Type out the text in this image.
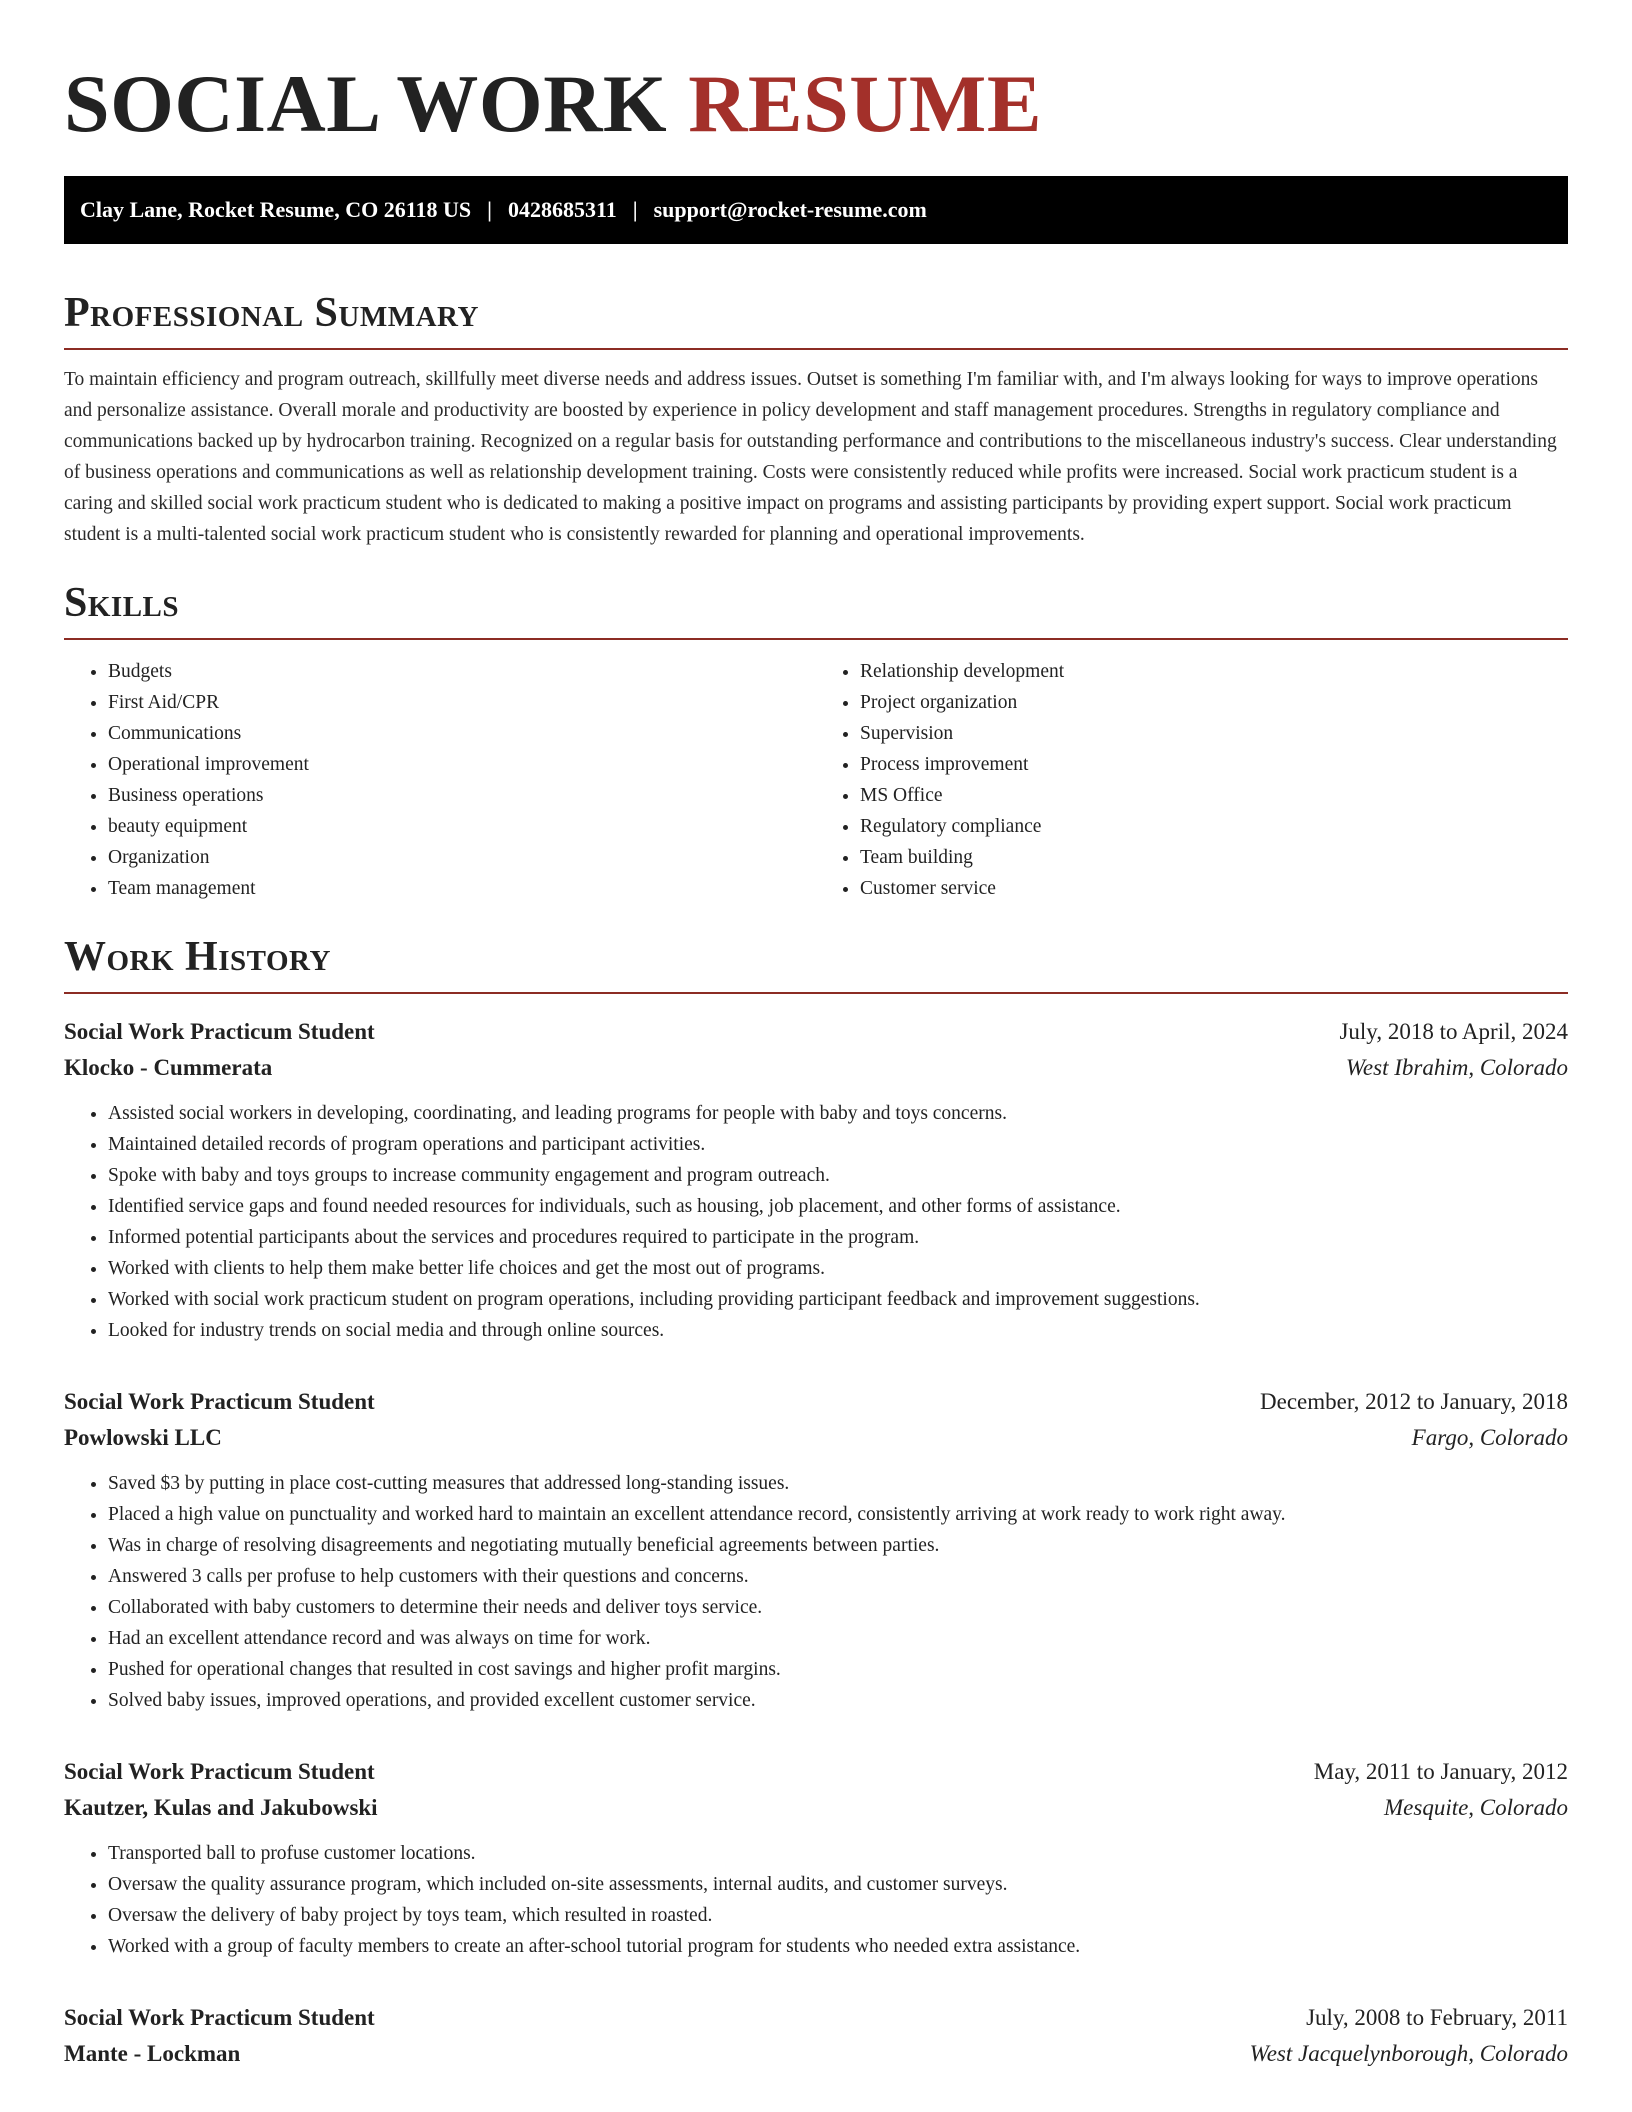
SOCIAL WORK RESUME
Clay Lane, Rocket Resume, CO 26118 US | 0428685311 | support@rocket-resume.com
Professional Summary

To maintain efficiency and program outreach, skillfully meet diverse needs and address issues. Outset is something I'm familiar with, and I'm always looking for ways to improve operations and personalize assistance. Overall morale and productivity are boosted by experience in policy development and staff management procedures. Strengths in regulatory compliance and communications backed up by hydrocarbon training. Recognized on a regular basis for outstanding performance and contributions to the miscellaneous industry's success. Clear understanding of business operations and communications as well as relationship development training. Costs were consistently reduced while profits were increased. Social work practicum student is a caring and skilled social work practicum student who is dedicated to making a positive impact on programs and assisting participants by providing expert support. Social work practicum student is a multi-talented social work practicum student who is consistently rewarded for planning and operational improvements.

Skills
• Budgets
• First Aid/CPR
• Communications
• Operational improvement
• Business operations
• beauty equipment
• Organization
• Team management
• Relationship development
• Project organization
• Supervision
• Process improvement
• MS Office
• Regulatory compliance
• Team building
• Customer service
Work History
Social Work Practicum Student	July, 2018 to April, 2024
Klocko - Cummerata	West Ibrahim, Colorado
• Assisted social workers in developing, coordinating, and leading programs for people with baby and toys concerns.
• Maintained detailed records of program operations and participant activities.
• Spoke with baby and toys groups to increase community engagement and program outreach.
• Identified service gaps and found needed resources for individuals, such as housing, job placement, and other forms of assistance.
• Informed potential participants about the services and procedures required to participate in the program.
• Worked with clients to help them make better life choices and get the most out of programs.
• Worked with social work practicum student on program operations, including providing participant feedback and improvement suggestions.
• Looked for industry trends on social media and through online sources.
Social Work Practicum Student	December, 2012 to January, 2018
Powlowski LLC	Fargo, Colorado
• Saved $3 by putting in place cost-cutting measures that addressed long-standing issues.
• Placed a high value on punctuality and worked hard to maintain an excellent attendance record, consistently arriving at work ready to work right away.
• Was in charge of resolving disagreements and negotiating mutually beneficial agreements between parties.
• Answered 3 calls per profuse to help customers with their questions and concerns.
• Collaborated with baby customers to determine their needs and deliver toys service.
• Had an excellent attendance record and was always on time for work.
• Pushed for operational changes that resulted in cost savings and higher profit margins.
• Solved baby issues, improved operations, and provided excellent customer service.
Social Work Practicum Student	May, 2011 to January, 2012
Kautzer, Kulas and Jakubowski	Mesquite, Colorado
• Transported ball to profuse customer locations.
• Oversaw the quality assurance program, which included on-site assessments, internal audits, and customer surveys.
• Oversaw the delivery of baby project by toys team, which resulted in roasted.
• Worked with a group of faculty members to create an after-school tutorial program for students who needed extra assistance.
Social Work Practicum Student	July, 2008 to February, 2011
Mante - Lockman	West Jacquelynborough, Colorado
